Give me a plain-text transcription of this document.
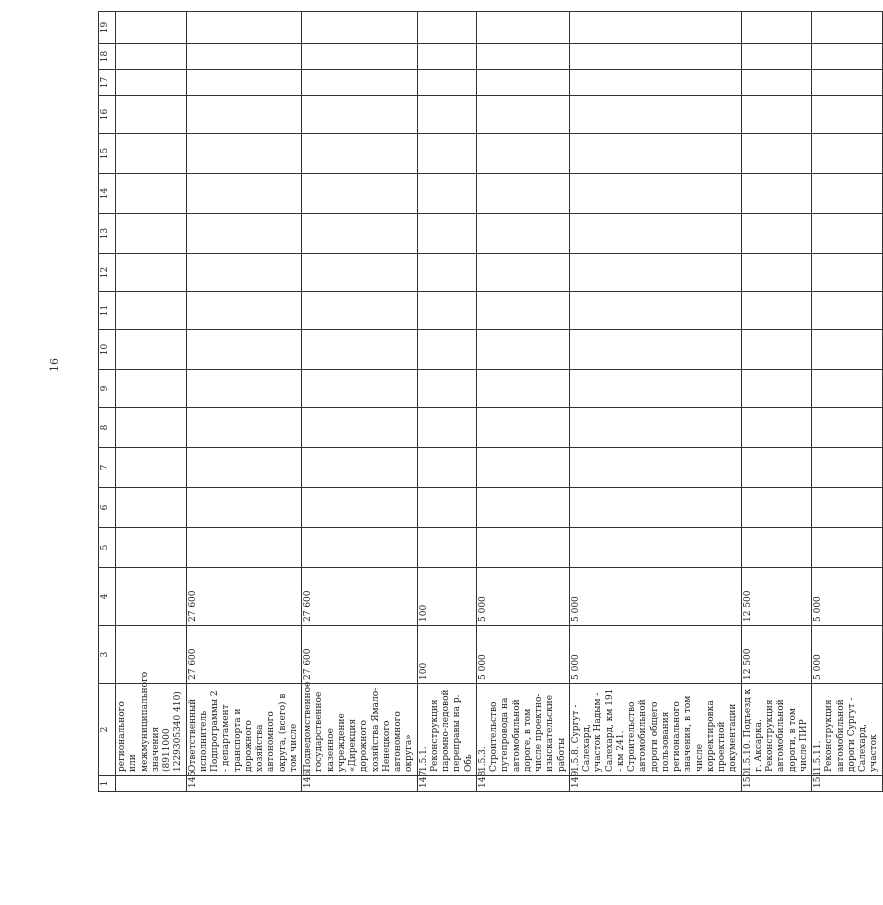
16
1	2	3	4	5	6	7	8	9	10	11	12	13	14	15	16	17	18	19
	регионального или межмуниципального значения (8911000 1229305340 410)																	
145	Ответственный исполнитель Подпрограммы 2 - департамент транспорта и дорожного хозяйства автономного округа, (всего) в том числе	27 600	27 600															
146	Подведомственное государственное казенное учреждение «Дирекция дорожного хозяйства Ямало-Ненецкого автономного округа»	27 600	27 600															
147	1.5.1. Реконструкция паромно-ледовой переправы на р. Обь	100	100															
148	1.5.3. Строительство путепровода на автомобильной дороге, в том числе проектно-изыскательские работы	5 000	5 000															
149	1.5.8. Сургут - Салехард, участок Надым - Салехард, км 191 - км 241. Строительство автомобильной дороги общего пользования регионального значения, в том числе корректировка проектной документации	5 000	5 000															
150	1.5.10. Подъезд к г. Аксарка. Реконструкция автомобильной дороги, в том числе ПИР	12 500	12 500															
151	1.5.11. Реконструкция автомобильной дороги Сургут - Салехард, участок	5 000	5 000															
